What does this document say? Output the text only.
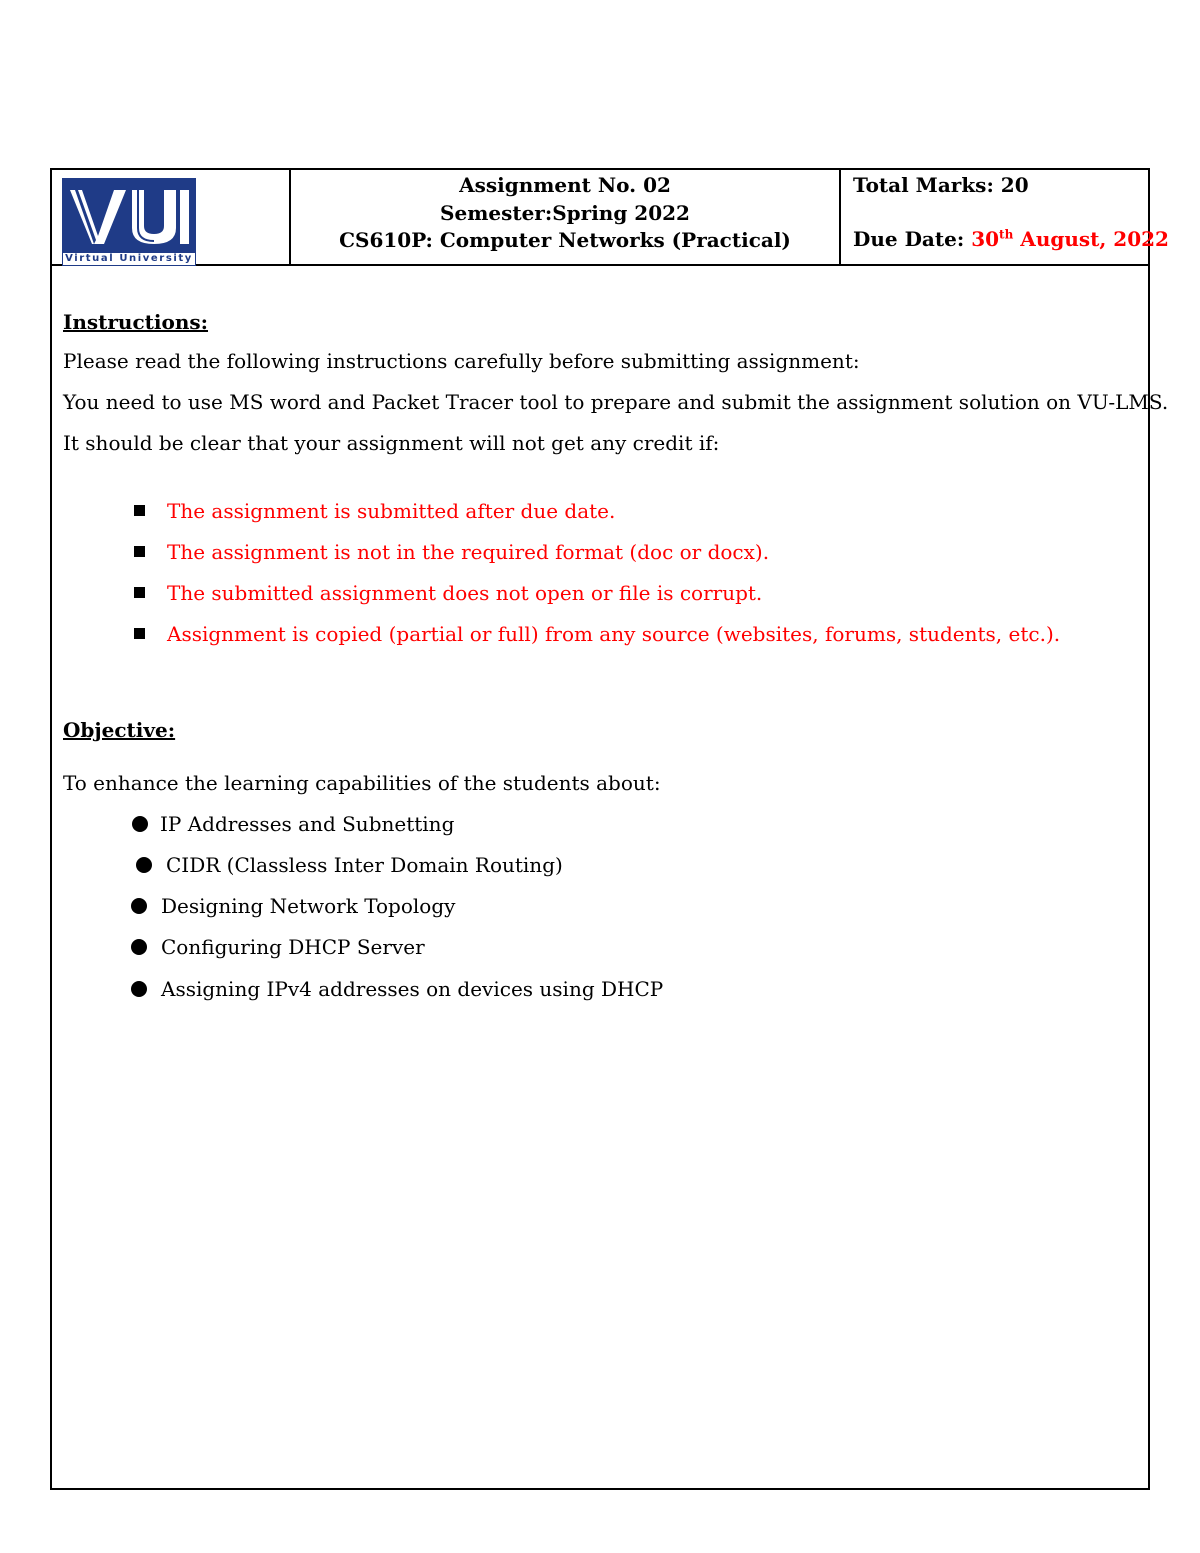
Virtual University
Assignment No. 02
Semester:Spring 2022
CS610P: Computer Networks (Practical)
Total Marks: 20
Due Date: 30th August, 2022
Instructions:
Please read the following instructions carefully before submitting assignment:
You need to use MS word and Packet Tracer tool to prepare and submit the assignment solution on VU-LMS.
It should be clear that your assignment will not get any credit if:
The assignment is submitted after due date.
The assignment is not in the required format (doc or docx).
The submitted assignment does not open or file is corrupt.
Assignment is copied (partial or full) from any source (websites, forums, students, etc.).
Objective:
To enhance the learning capabilities of the students about:
IP Addresses and Subnetting
CIDR (Classless Inter Domain Routing)
Designing Network Topology
Configuring DHCP Server
Assigning IPv4 addresses on devices using DHCP
